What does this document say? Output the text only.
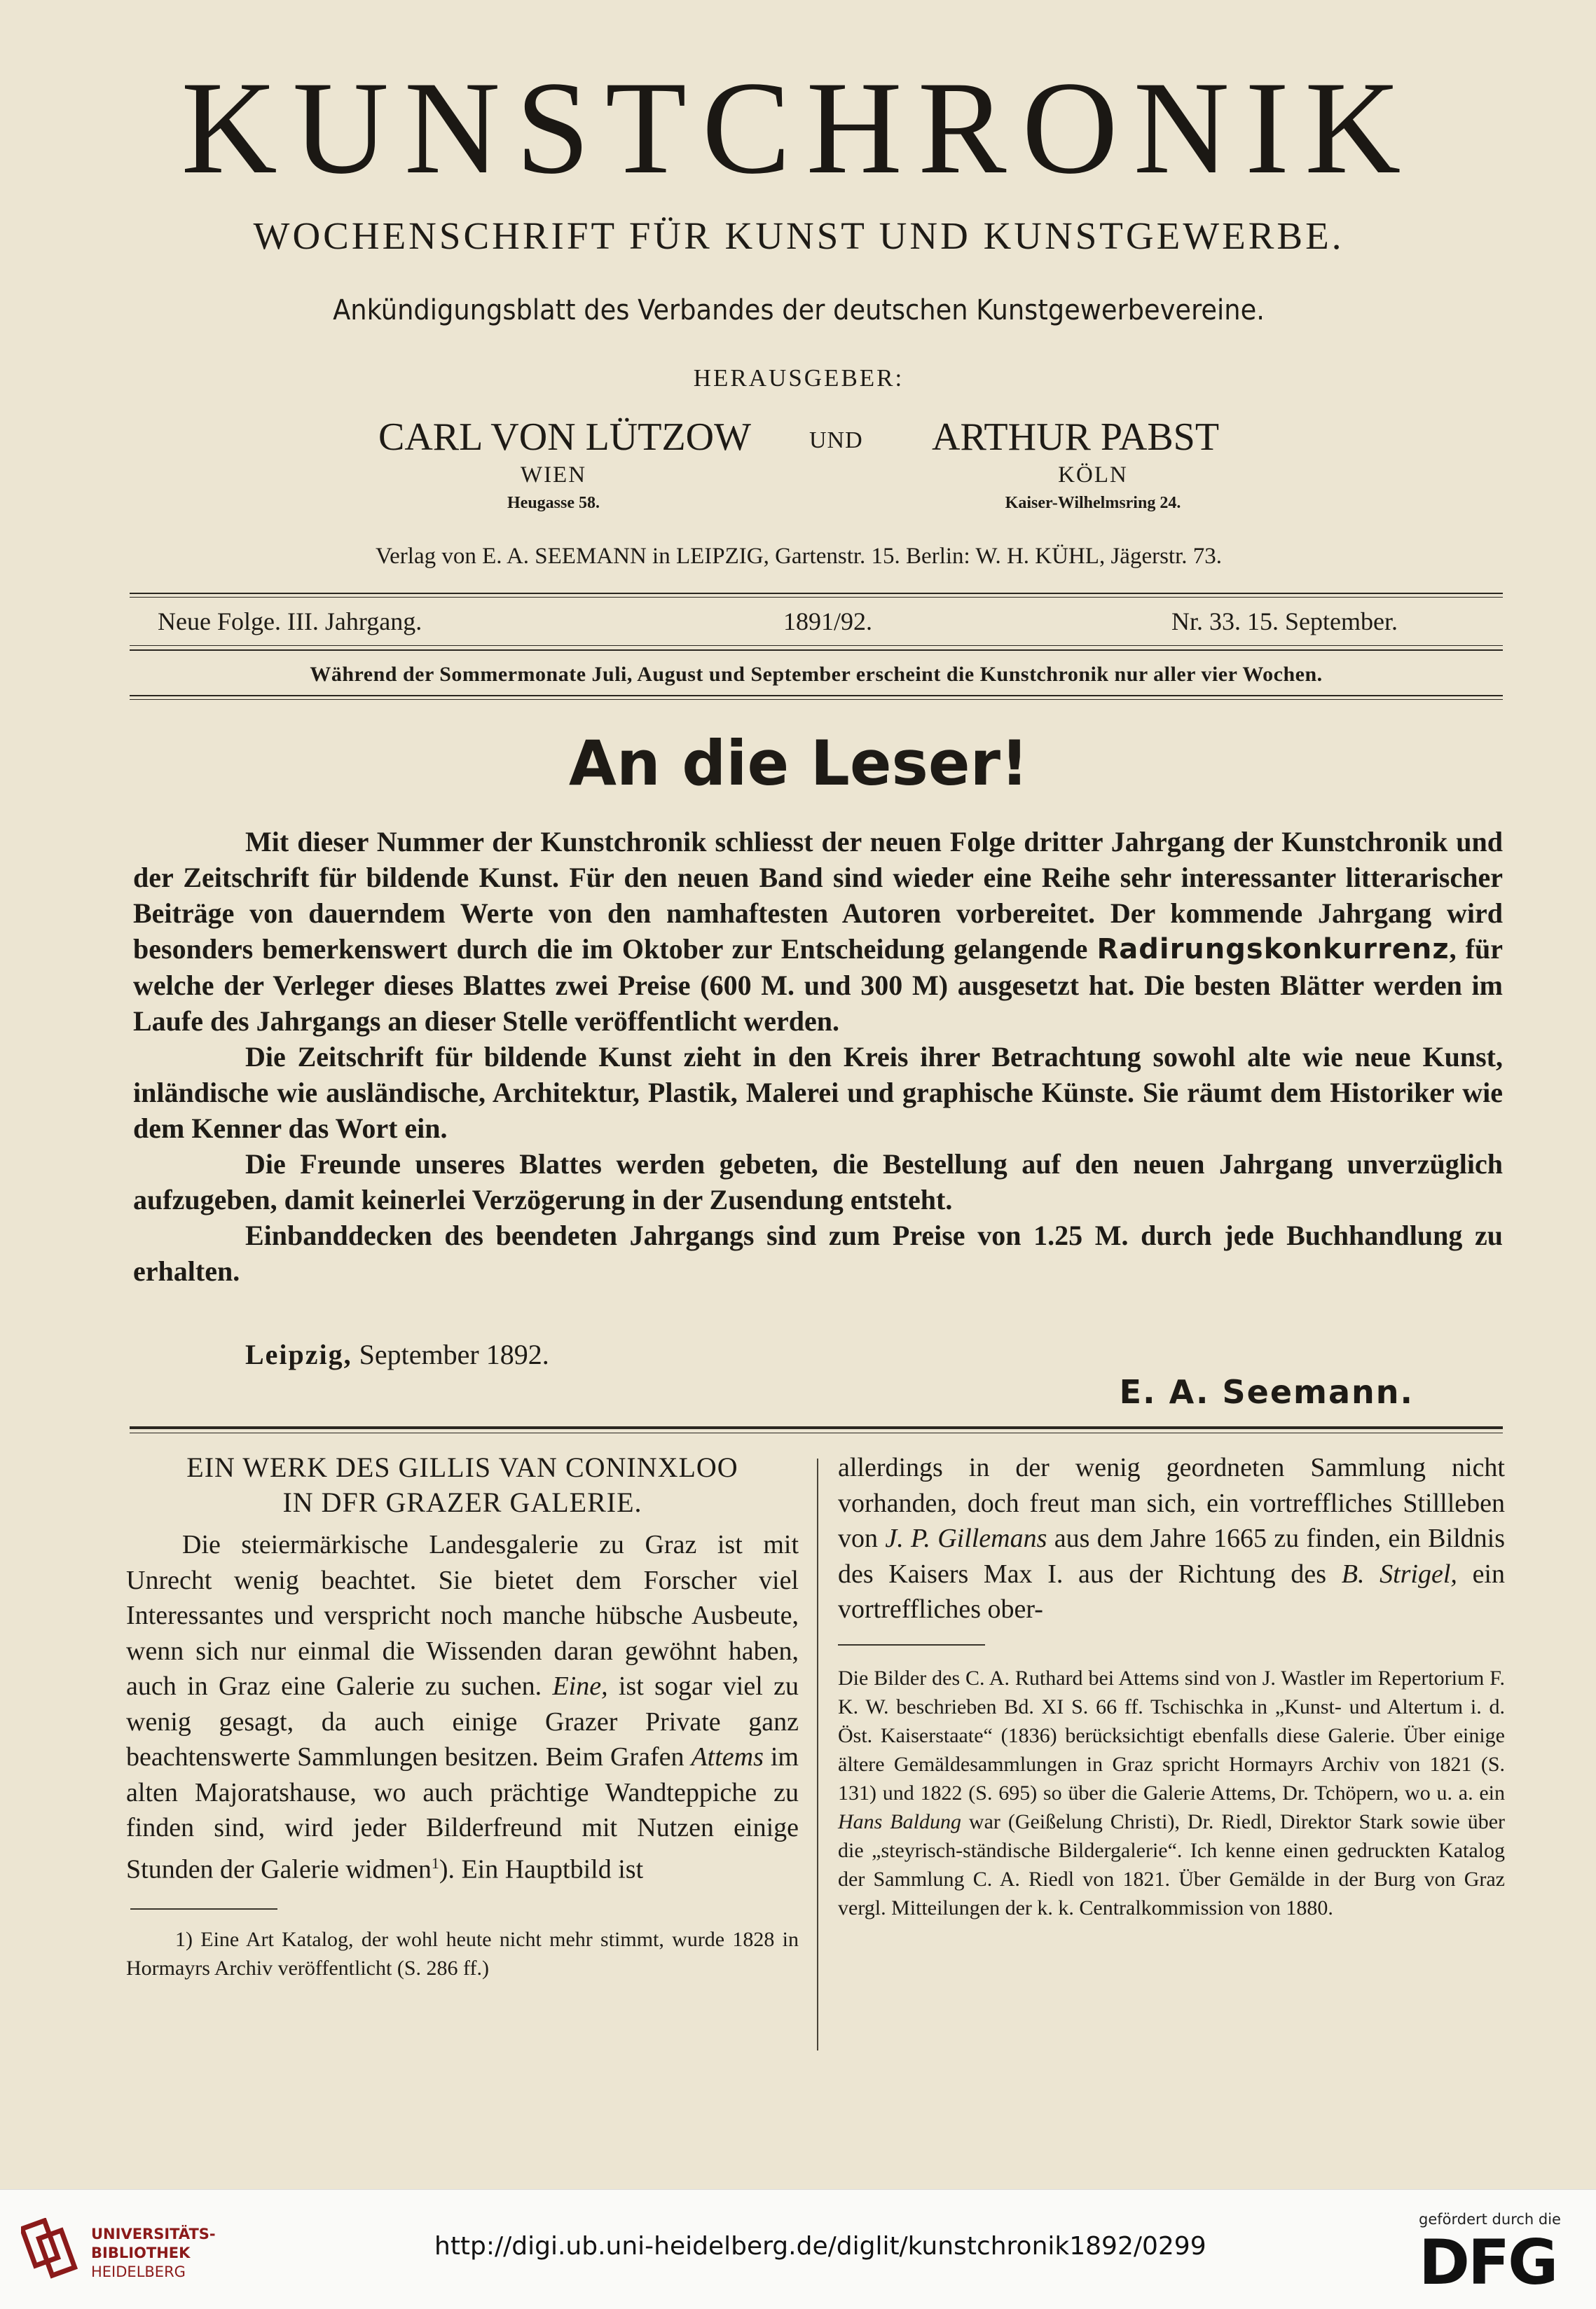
KUNSTCHRONIK
WOCHENSCHRIFT FÜR KUNST UND KUNSTGEWERBE.
Ankündigungsblatt des Verbandes der deutschen Kunstgewerbevereine.
HERAUSGEBER:
CARL VON LÜTZOW UND ARTHUR PABST
WIEN	KÖLN
Heugasse 58.	Kaiser-Wilhelmsring 24.
Verlag von E. A. SEEMANN in LEIPZIG, Gartenstr. 15. Berlin: W. H. KÜHL, Jägerstr. 73.
Neue Folge. III. Jahrgang.	1891/92.	Nr. 33. 15. September.
Während der Sommermonate Juli, August und September erscheint die Kunstchronik nur aller vier Wochen.
An die Leser!

Mit dieser Nummer der Kunstchronik schliesst der neuen Folge dritter Jahrgang der Kunstchronik und der Zeitschrift für bildende Kunst. Für den neuen Band sind wieder eine Reihe sehr interessanter litterarischer Beiträge von dauerndem Werte von den namhaftesten Autoren vorbereitet. Der kommende Jahrgang wird besonders bemerkenswert durch die im Oktober zur Entscheidung gelangende Radirungskonkurrenz, für welche der Verleger dieses Blattes zwei Preise (600 M. und 300 M) ausgesetzt hat. Die besten Blätter werden im Laufe des Jahrgangs an dieser Stelle veröffentlicht werden.

Die Zeitschrift für bildende Kunst zieht in den Kreis ihrer Betrachtung sowohl alte wie neue Kunst, inländische wie ausländische, Architektur, Plastik, Malerei und graphische Künste. Sie räumt dem Historiker wie dem Kenner das Wort ein.

Die Freunde unseres Blattes werden gebeten, die Bestellung auf den neuen Jahrgang unverzüglich aufzugeben, damit keinerlei Verzögerung in der Zusendung entsteht.

Einbanddecken des beendeten Jahrgangs sind zum Preise von 1.25 M. durch jede Buchhandlung zu erhalten.

Leipzig, September 1892.
E. A. Seemann.
EIN WERK DES GILLIS VAN CONINXLOO
IN DFR GRAZER GALERIE.

Die steiermärkische Landesgalerie zu Graz ist mit Unrecht wenig beachtet. Sie bietet dem Forscher viel Interessantes und verspricht noch manche hübsche Ausbeute, wenn sich nur einmal die Wissenden daran gewöhnt haben, auch in Graz eine Galerie zu suchen. Eine, ist sogar viel zu wenig gesagt, da auch einige Grazer Private ganz beachtenswerte Sammlungen besitzen. Beim Grafen Attems im alten Majoratshause, wo auch prächtige Wandteppiche zu finden sind, wird jeder Bilderfreund mit Nutzen einige Stunden der Galerie widmen$^1$). Ein Hauptbild ist

1) Eine Art Katalog, der wohl heute nicht mehr stimmt, wurde 1828 in Hormayrs Archiv veröffentlicht (S. 286 ff.)

allerdings in der wenig geordneten Sammlung nicht vorhanden, doch freut man sich, ein vortreffliches Stillleben von J. P. Gillemans aus dem Jahre 1665 zu finden, ein Bildnis des Kaisers Max I. aus der Richtung des B. Strigel, ein vortreffliches ober-

Die Bilder des C. A. Ruthard bei Attems sind von J. Wastler im Repertorium F. K. W. beschrieben Bd. XI S. 66 ff. Tschischka in „Kunst- und Altertum i. d. Öst. Kaiserstaate“ (1836) berücksichtigt ebenfalls diese Galerie. Über einige ältere Gemäldesammlungen in Graz spricht Hormayrs Archiv von 1821 (S. 131) und 1822 (S. 695) so über die Galerie Attems, Dr. Tchöpern, wo u. a. ein Hans Baldung war (Geißelung Christi), Dr. Riedl, Direktor Stark sowie über die „steyrisch-ständische Bildergalerie“. Ich kenne einen gedruckten Katalog der Sammlung C. A. Riedl von 1821. Über Gemälde in der Burg von Graz vergl. Mitteilungen der k. k. Centralkommission von 1880.

UNIVERSITÄTS-
BIBLIOTHEK
HEIDELBERG
http://digi.ub.uni-heidelberg.de/diglit/kunstchronik1892/0299
gefördert durch die
DFG
